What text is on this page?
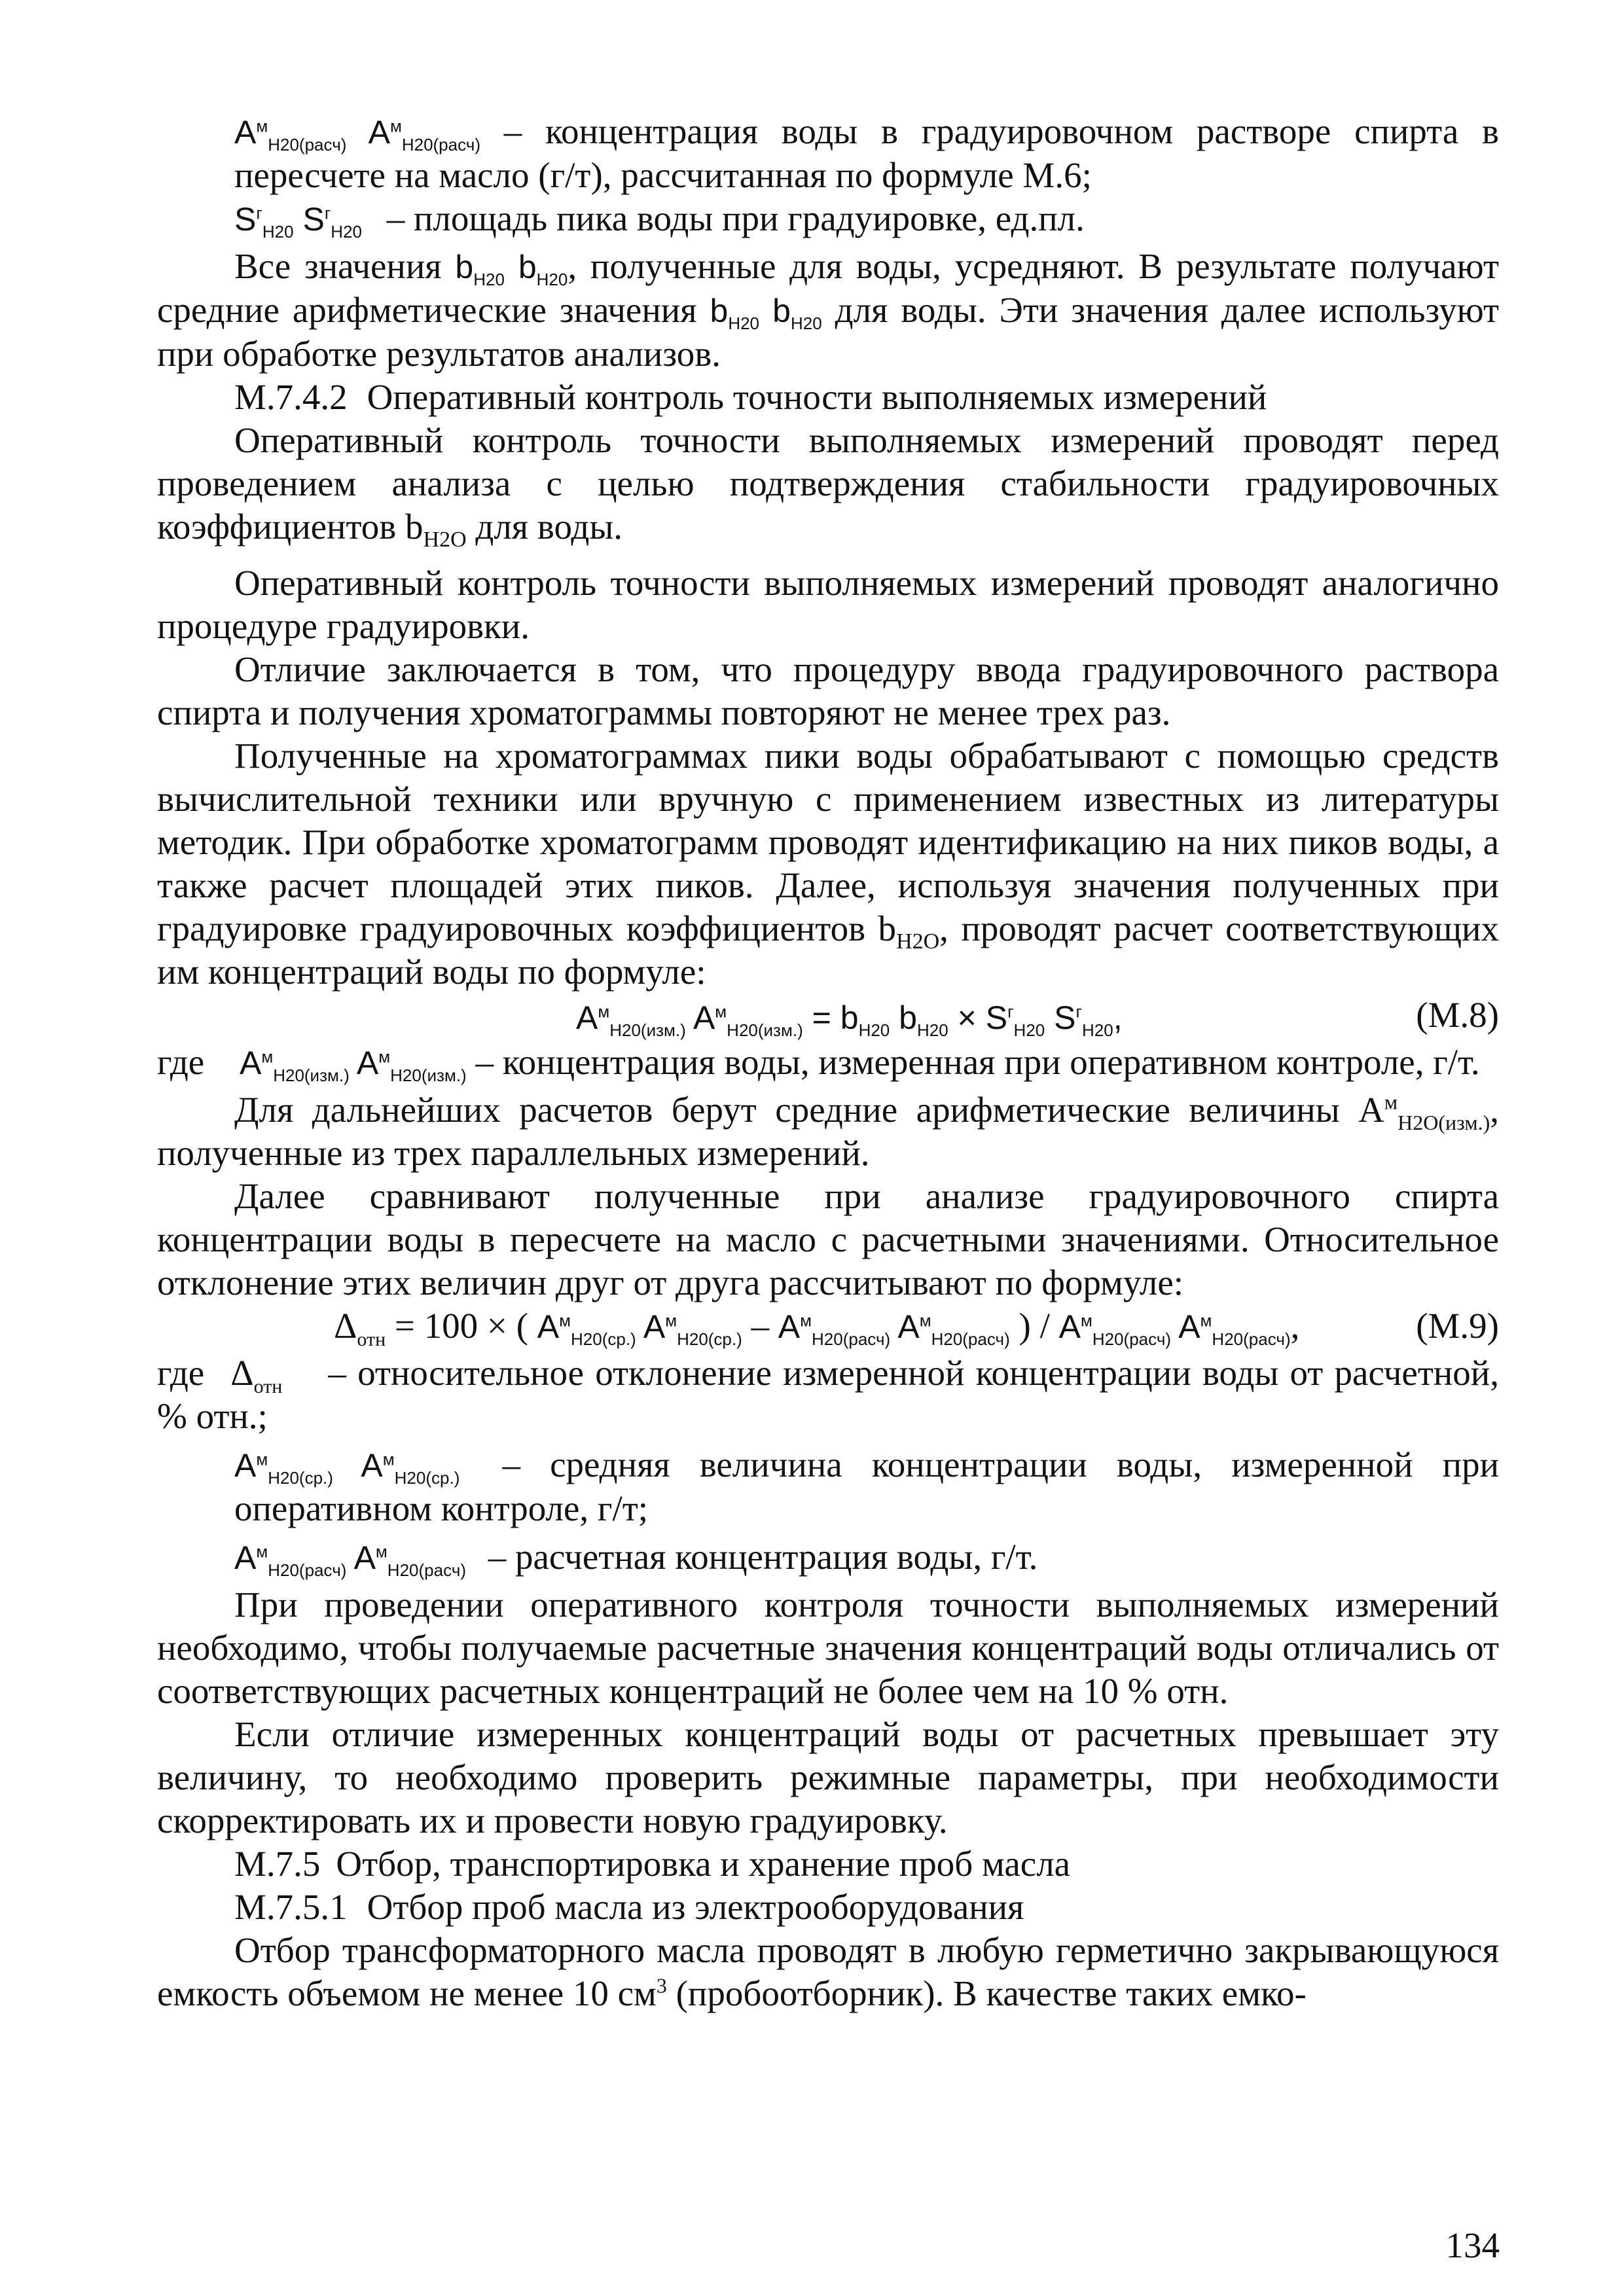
$A^м_{H20(расч)}$ $A^м_{H20(расч)}$ – концентрация воды в градуировочном растворе спирта в пересчете на масло (г/т), рассчитанная по формуле М.6;

$S^г_{H20}$ $S^г_{H20}$ – площадь пика воды при градуировке, ед.пл.

Все значения $b_{H20}$ $b_{H20}$, полученные для воды, усредняют. В результате получают средние арифметические значения $b_{H20}$ $b_{H20}$ для воды. Эти значения далее используют при обработке результатов анализов.

М.7.4.2 Оперативный контроль точности выполняемых измерений

Оперативный контроль точности выполняемых измерений проводят перед проведением анализа с целью подтверждения стабильности градуировочных коэффициентов $b_{H2O}$ для воды.

Оперативный контроль точности выполняемых измерений проводят аналогично процедуре градуировки.

Отличие заключается в том, что процедуру ввода градуировочного раствора спирта и получения хроматограммы повторяют не менее трех раз.

Полученные на хроматограммах пики воды обрабатывают с помощью средств вычислительной техники или вручную с применением известных из литературы методик. При обработке хроматограмм проводят идентификацию на них пиков воды, а также расчет площадей этих пиков. Далее, используя значения полученных при градуировке градуировочных коэффициентов $b_{H2O}$, проводят расчет соответствующих им концентраций воды по формуле:

$A^м_{H20(изм.)}$ $A^м_{H20(изм.)} = b_{H20}$ $b_{H20} \times S^г_{H20}$ $S^г_{H20}$,	(М.8)

где $A^м_{H20(изм.)}$ $A^м_{H20(изм.)}$ – концентрация воды, измеренная при оперативном контроле, г/т.

Для дальнейших расчетов берут средние арифметические величины $А^м_{H2O(изм.)}$, полученные из трех параллельных измерений.

Далее сравнивают полученные при анализе градуировочного спирта концентрации воды в пересчете на масло с расчетными значениями. Относительное отклонение этих величин друг от друга рассчитывают по формуле:

$\Delta_{отн} = 100$ × ( $A^м_{H20(ср.)}$ $A^м_{H20(ср.)} - A^м_{H20(расч)}$ $A^м_{H20(расч)}$ ) / $A^м_{H20(расч)}$ $A^м_{H20(расч)}$,	(М.9)

где $\Delta_{отн}$ – относительное отклонение измеренной концентрации воды от расчетной, % отн.;

$A^м_{H20(ср.)}$ $A^м_{H20(ср.)}$ – средняя величина концентрации воды, измеренной при оперативном контроле, г/т;

$A^м_{H20(расч)}$ $A^м_{H20(расч)}$ – расчетная концентрация воды, г/т.

При проведении оперативного контроля точности выполняемых измерений необходимо, чтобы получаемые расчетные значения концентраций воды отличались от соответствующих расчетных концентраций не более чем на 10 % отн.

Если отличие измеренных концентраций воды от расчетных превышает эту величину, то необходимо проверить режимные параметры, при необходимости скорректировать их и провести новую градуировку.

М.7.5 Отбор, транспортировка и хранение проб масла

М.7.5.1 Отбор проб масла из электрооборудования

Отбор трансформаторного масла проводят в любую герметично закрывающуюся емкость объемом не менее 10 $см^3$ (пробоотборник). В качестве таких емко-

134
